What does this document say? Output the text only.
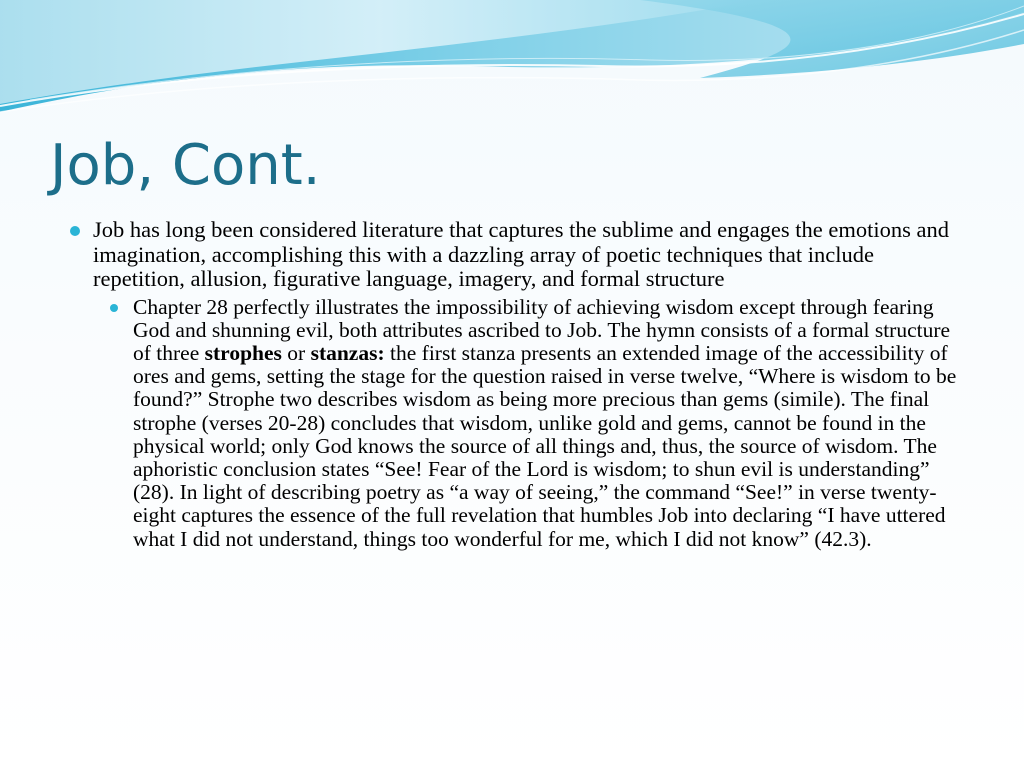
Job, Cont.
Job has long been considered literature that captures the sublime and engages the emotions and imagination, accomplishing this with a dazzling array of poetic techniques that include repetition, allusion, figurative language, imagery, and formal structure
Chapter 28 perfectly illustrates the impossibility of achieving wisdom except through fearing God and shunning evil, both attributes ascribed to Job. The hymn consists of a formal structure of three strophes or stanzas: the first stanza presents an extended image of the accessibility of ores and gems, setting the stage for the question raised in verse twelve, “Where is wisdom to be found?” Strophe two describes wisdom as being more precious than gems (simile). The final strophe (verses 20-28) concludes that wisdom, unlike gold and gems, cannot be found in the physical world; only God knows the source of all things and, thus, the source of wisdom. The aphoristic conclusion states “See! Fear of the Lord is wisdom; to shun evil is understanding” (28). In light of describing poetry as “a way of seeing,” the command “See!” in verse twenty-eight captures the essence of the full revelation that humbles Job into declaring “I have uttered what I did not understand, things too wonderful for me, which I did not know” (42.3).
